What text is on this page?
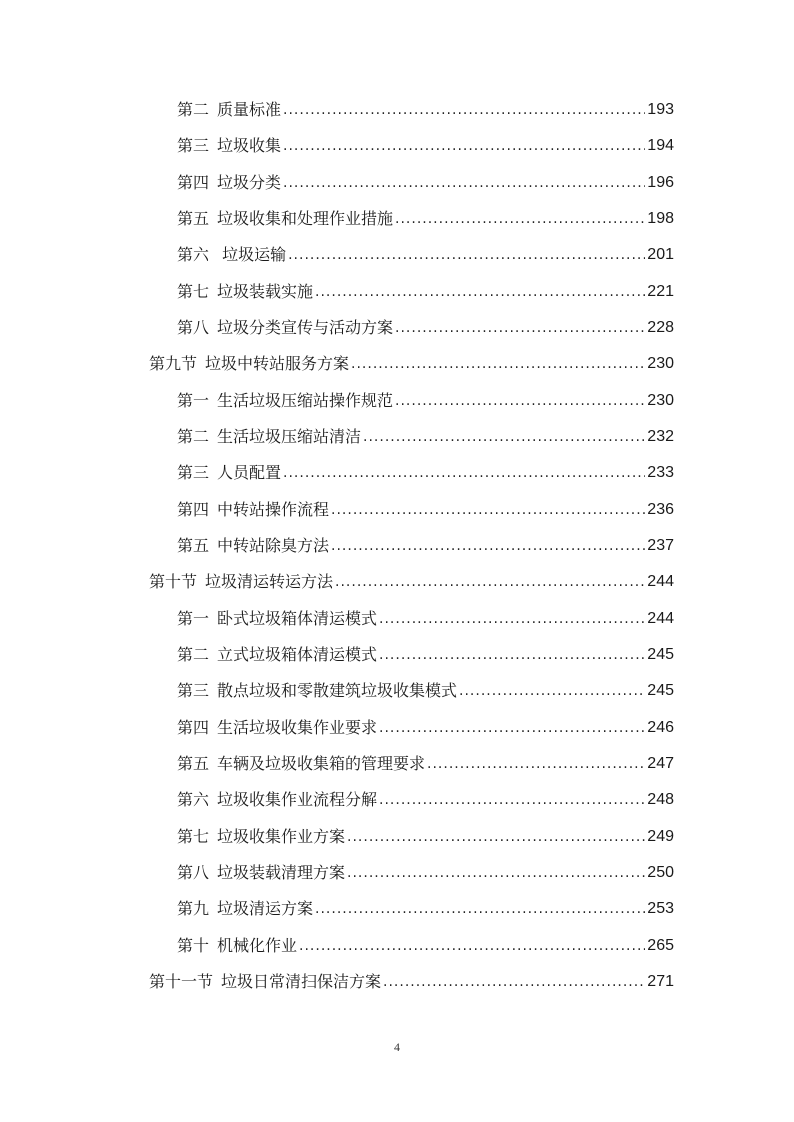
第二 质量标准 .....	193
第三 垃圾收集 .....	194
第四 垃圾分类 .....	196
第五 垃圾收集和处理作业措施 .....	198
第六 垃圾运输 .....	201
第七 垃圾装载实施 .....	221
第八 垃圾分类宣传与活动方案 .....	228
第九节 垃圾中转站服务方案 .....	230
第一 生活垃圾压缩站操作规范 .....	230
第二 生活垃圾压缩站清洁 .....	232
第三 人员配置 .....	233
第四 中转站操作流程 .....	236
第五 中转站除臭方法 .....	237
第十节 垃圾清运转运方法 .....	244
第一 卧式垃圾箱体清运模式 .....	244
第二 立式垃圾箱体清运模式 .....	245
第三 散点垃圾和零散建筑垃圾收集模式 .....	245
第四 生活垃圾收集作业要求 .....	246
第五 车辆及垃圾收集箱的管理要求 .....	247
第六 垃圾收集作业流程分解 .....	248
第七 垃圾收集作业方案 .....	249
第八 垃圾装载清理方案 .....	250
第九 垃圾清运方案 .....	253
第十 机械化作业 .....	265
第十一节 垃圾日常清扫保洁方案 .....	271
4
